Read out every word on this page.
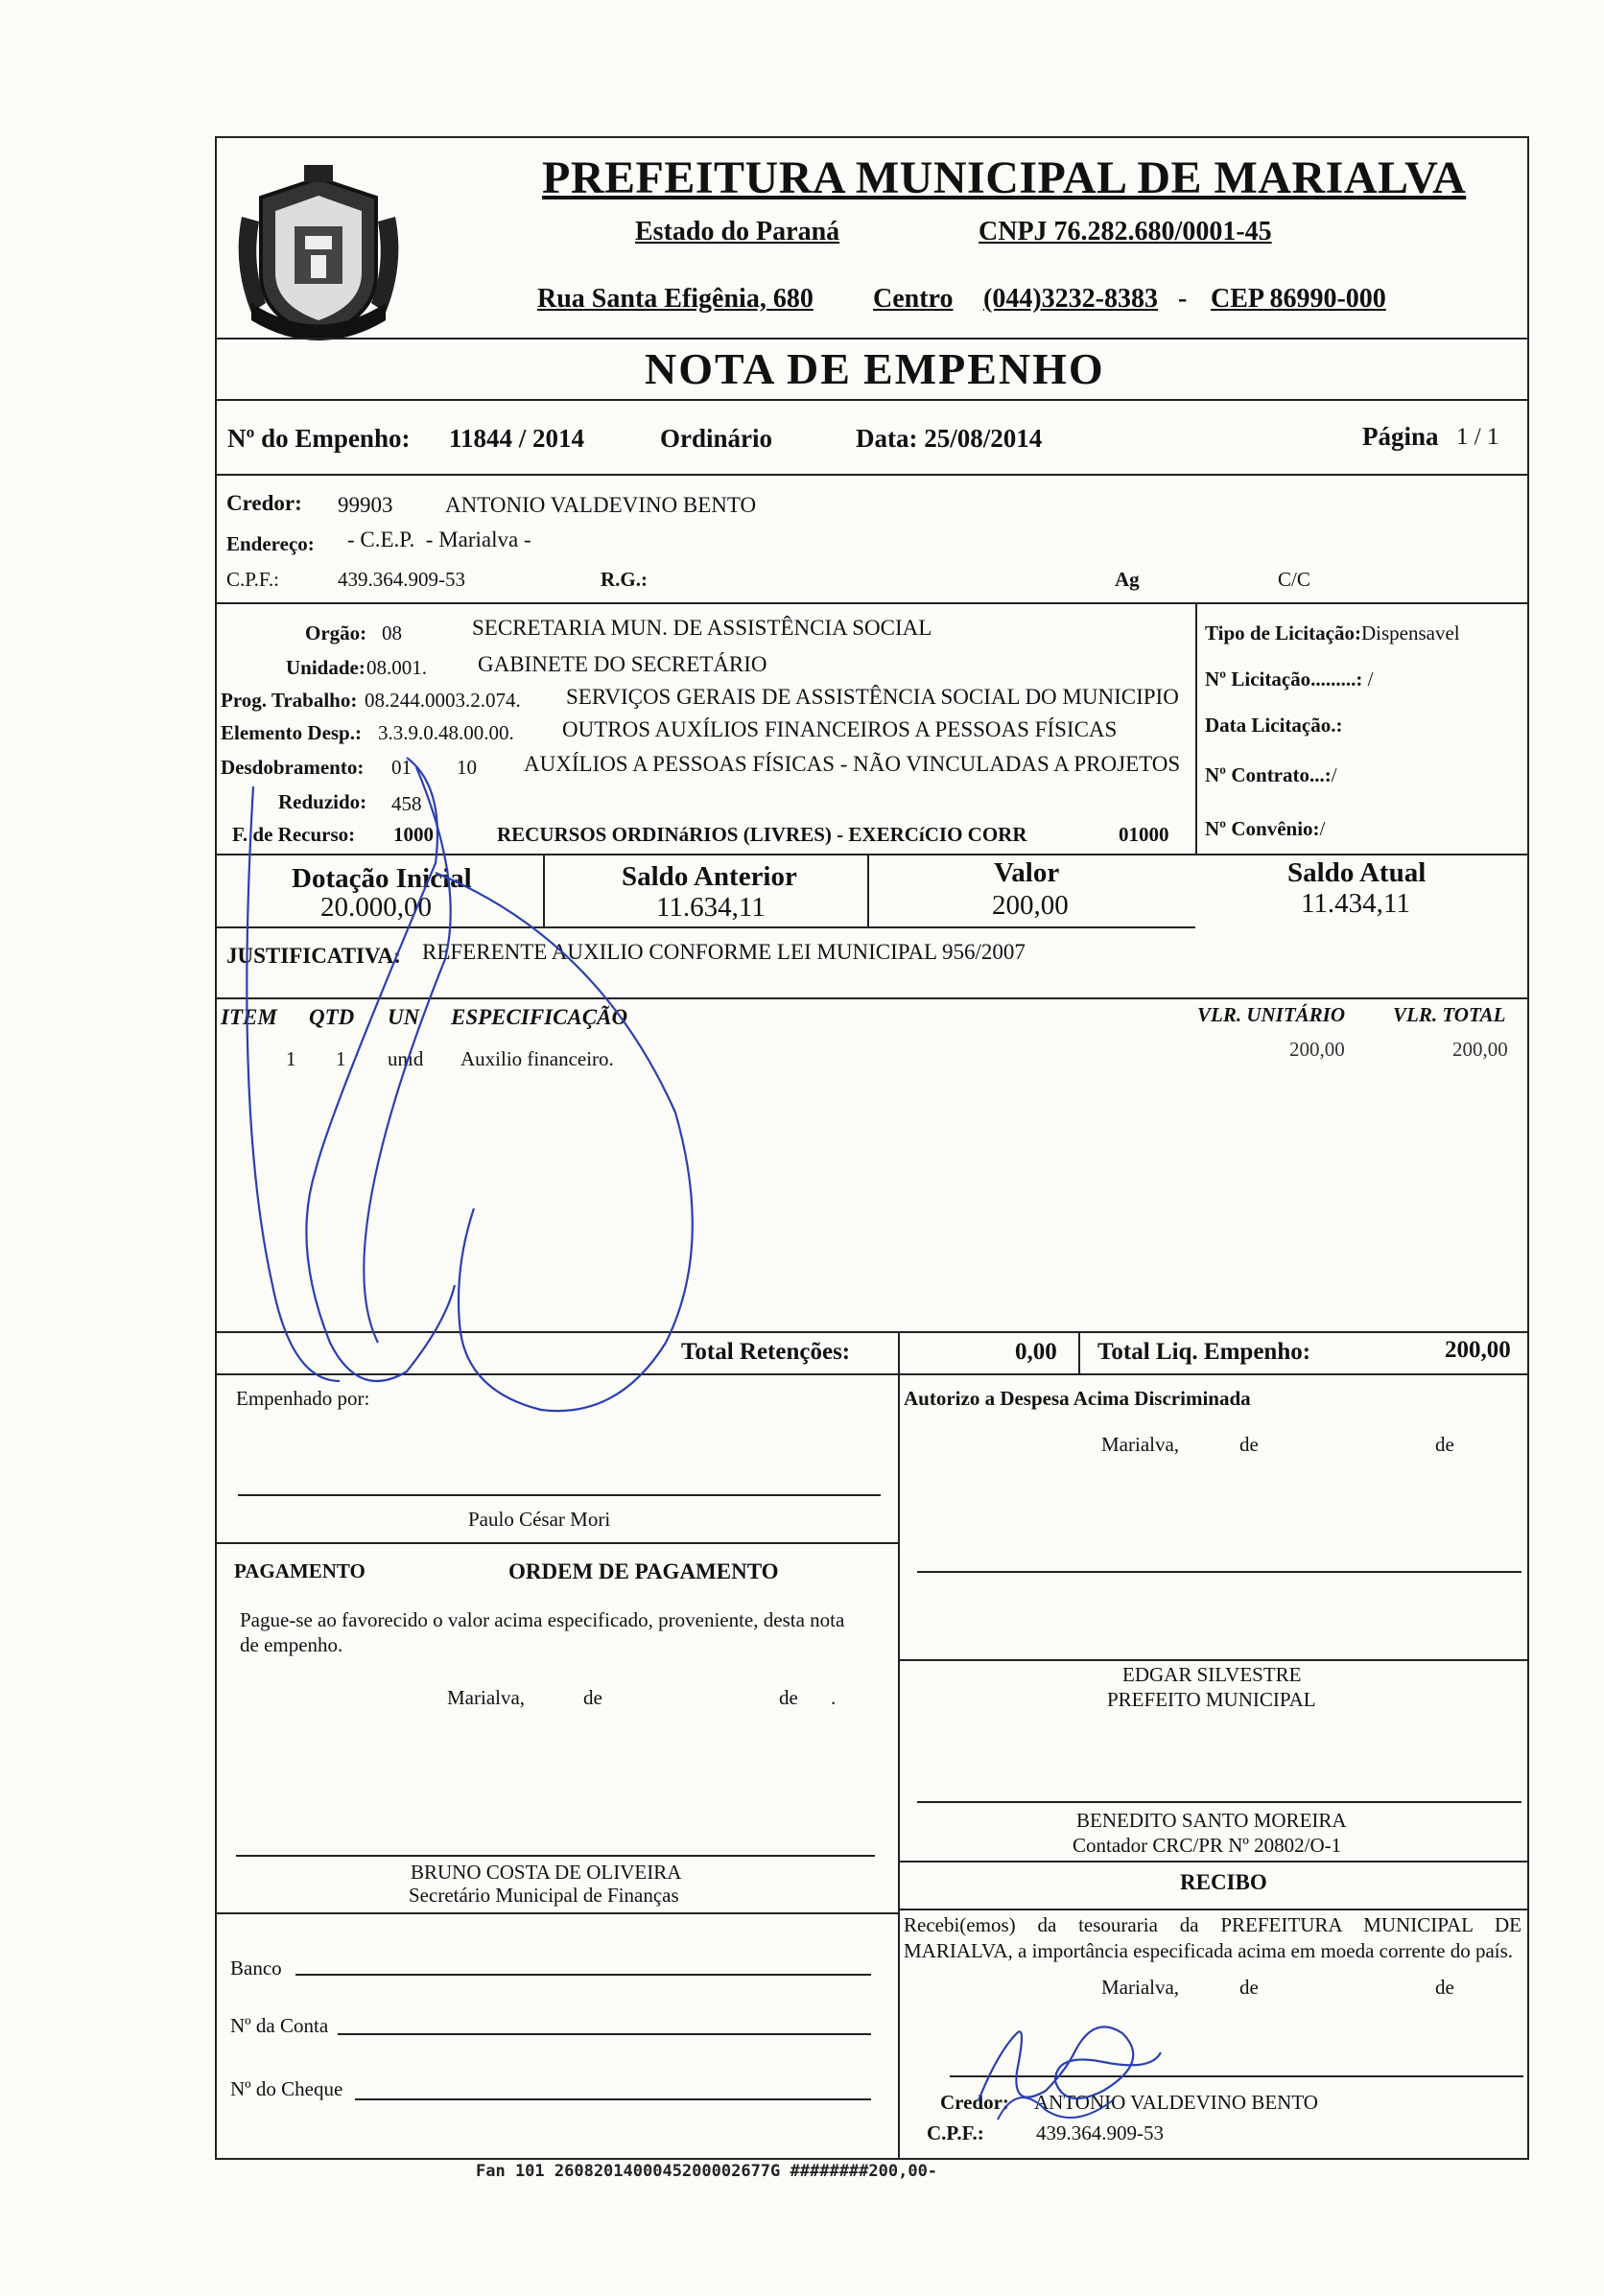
PREFEITURA MUNICIPAL DE MARIALVA
Estado do Paraná	CNPJ 76.282.680/0001-45
Rua Santa Efigênia, 680 Centro (044)3232-8383 - CEP 86990-000
NOTA DE EMPENHO
Nº do Empenho: 11844 / 2014	Ordinário	Data: 25/08/2014	Página 1 / 1
Credor: 99903 ANTONIO VALDEVINO BENTO
Endereço: - C.E.P.  - Marialva -
C.P.F.:	439.364.909-53	R.G.:	Ag	C/C
Orgão: 08	SECRETARIA MUN. DE ASSISTÊNCIA SOCIAL
Unidade: 08.001. GABINETE DO SECRETÁRIO
Prog. Trabalho: 08.244.0003.2.074. SERVIÇOS GERAIS DE ASSISTÊNCIA SOCIAL DO MUNICIPIO
Elemento Desp.: 3.3.9.0.48.00.00. OUTROS AUXÍLIOS FINANCEIROS A PESSOAS FÍSICAS
Desdobramento: 01 10 AUXÍLIOS A PESSOAS FÍSICAS - NÃO VINCULADAS A PROJETOS
Reduzido: 458
F. de Recurso: 1000	RECURSOS ORDINáRIOS (LIVRES) - EXERCíCIO CORR	01000
Tipo de Licitação:Dispensavel
Nº Licitação.........: /
Data Licitação.:
Nº Contrato...:/
Nº Convênio:/
Dotação Inicial
20.000,00
Saldo Anterior
11.634,11
Valor
200,00
Saldo Atual
11.434,11
JUSTIFICATIVA: REFERENTE AUXILIO CONFORME LEI MUNICIPAL 956/2007
ITEM QTD UN ESPECIFICAÇÃO	VLR. UNITÁRIO VLR. TOTAL
1 1 unid Auxilio financeiro.	200,00	200,00
Total Retenções:	0,00 Total Liq. Empenho:	200,00
Empenhado por:
Paulo César Mori
Autorizo a Despesa Acima Discriminada
Marialva,	de	de
EDGAR SILVESTRE
PREFEITO MUNICIPAL
PAGAMENTO	ORDEM DE PAGAMENTO
Pague-se ao favorecido o valor acima especificado, proveniente, desta nota de empenho.
Marialva,	de	de .
BENEDITO SANTO MOREIRA
Contador CRC/PR Nº 20802/O-1
RECIBO
Recebi(emos) da tesouraria da PREFEITURA MUNICIPAL DE MARIALVA, a importância especificada acima em moeda corrente do país.
Marialva,	de	de
Credor: ANTONIO VALDEVINO BENTO
C.P.F.:	439.364.909-53
BRUNO COSTA DE OLIVEIRA
Secretário Municipal de Finanças
Banco
Nº da Conta
Nº do Cheque
Fan 101 2608201400045200002677G ########200,00-
